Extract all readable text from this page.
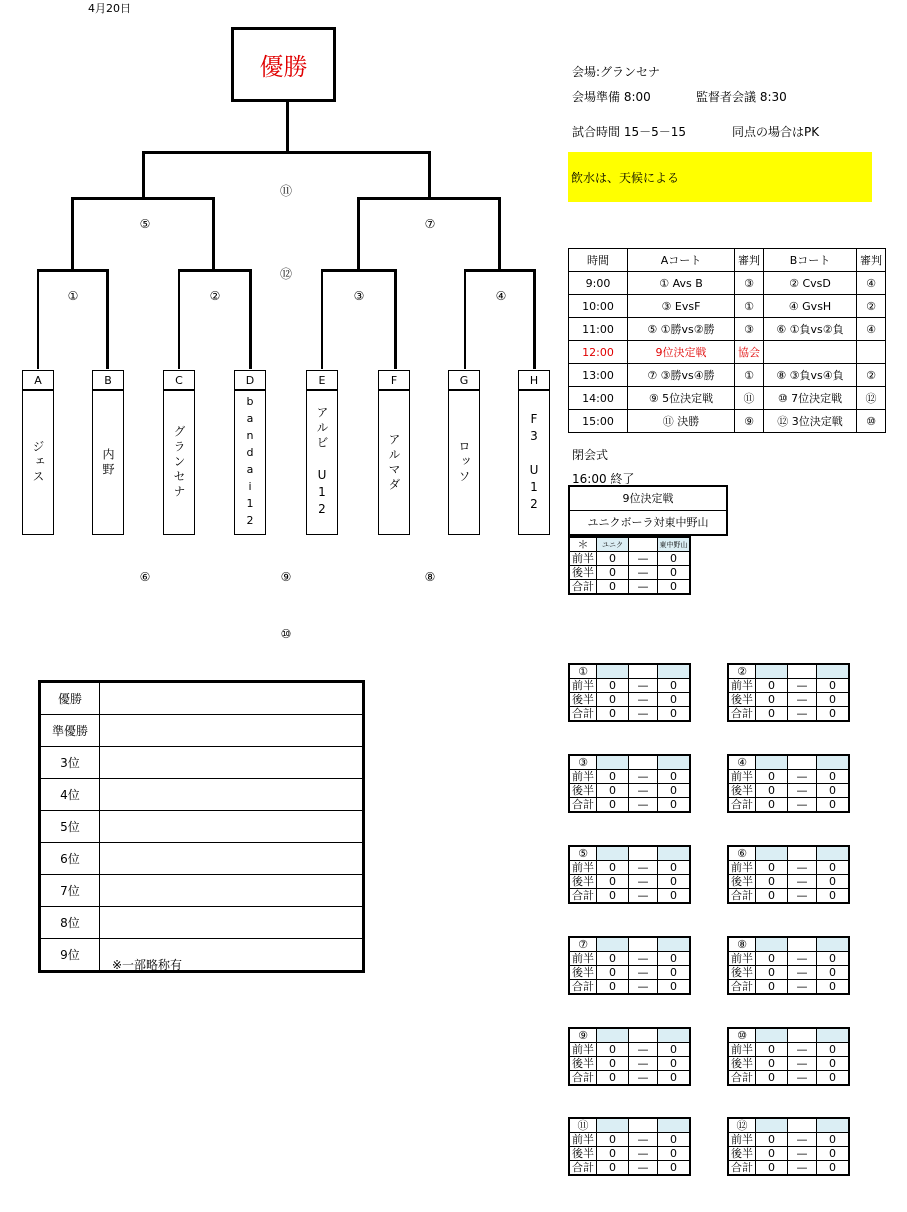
4月20日
優勝
⑪
⑤	⑦
⑫
①	②	③	④
⑥	⑨	⑧
⑩
A
ジェス
B
内野
C
グランセナ
D
bandai12
E
アルビ U12
F
アルマダ
G
ロッソ
H
F3 U12
会場:グランセナ
会場準備 8:00	監督者会議 8:30
試合時間 15－5－15	同点の場合はPK
飲水は、天候による
時間	Aコート	審判	Bコート	審判
9:00	① Avs B	③	② CvsD	④
10:00	③ EvsF	①	④ GvsH	②
11:00	⑤ ①勝vs②勝	③	⑥ ①負vs②負	④
12:00	9位決定戦	協会		
13:00	⑦ ③勝vs④勝	①	⑧ ③負vs④負	②
14:00	⑨ 5位決定戦	⑪	⑩ 7位決定戦	⑫
15:00	⑪ 決勝	⑨	⑫ 3位決定戦	⑩
閉会式
16:00 終了
9位決定戦
ユニクボーラ対東中野山
＊	ユニク		東中野山
前半	0	—	0
後半	0	—	0
合計	0	—	0
①			
前半	0	—	0
後半	0	—	0
合計	0	—	0
②			
前半	0	—	0
後半	0	—	0
合計	0	—	0
③			
前半	0	—	0
後半	0	—	0
合計	0	—	0
④			
前半	0	—	0
後半	0	—	0
合計	0	—	0
⑤			
前半	0	—	0
後半	0	—	0
合計	0	—	0
⑥			
前半	0	—	0
後半	0	—	0
合計	0	—	0
⑦			
前半	0	—	0
後半	0	—	0
合計	0	—	0
⑧			
前半	0	—	0
後半	0	—	0
合計	0	—	0
⑨			
前半	0	—	0
後半	0	—	0
合計	0	—	0
⑩			
前半	0	—	0
後半	0	—	0
合計	0	—	0
⑪			
前半	0	—	0
後半	0	—	0
合計	0	—	0
⑫			
前半	0	—	0
後半	0	—	0
合計	0	—	0
優勝	
準優勝	
3位	
4位	
5位	
6位	
7位	
8位	
9位	
※一部略称有
